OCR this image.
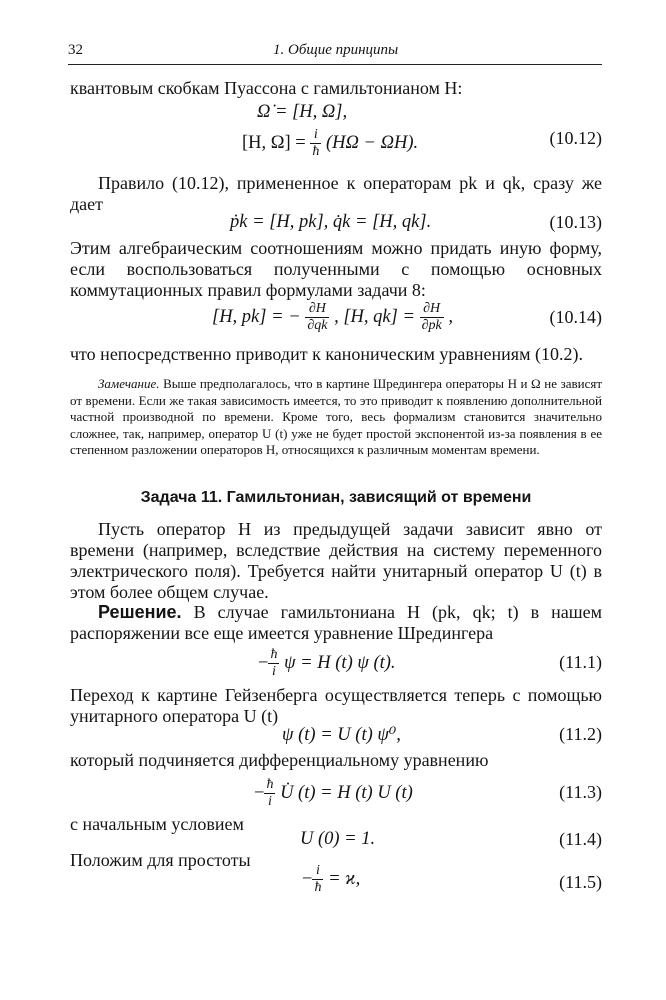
32	1. Общие принципы
квантовым скобкам Пуассона с гамильтонианом H:
Ω̇ = [H, Ω],
[H, $\Omega] = \frac{i}{ħ} (H\Omega - \Omega H)$.	(10.12)
Правило (10.12), примененное к операторам pk и qk, сразу же дает
ṗk = [H, pk], q̇k = [H, qk].	(10.13)
Этим алгебраическим соотношениям можно придать иную форму, если воспользоваться полученными с помощью основных коммутационных правил формулами задачи 8:
[H, pk] = − $\frac{\partial H}{\partial qk}$ , [H, $qk] = \frac{\partial H}{\partial pk}$ ,	(10.14)
что непосредственно приводит к каноническим уравнениям (10.2).
Замечание. Выше предполагалось, что в картине Шредингера операторы H и Ω не зависят от времени. Если же такая зависимость имеется, то это приводит к появлению дополнительной частной производной по времени. Кроме того, весь формализм становится значительно сложнее, так, например, оператор U (t) уже не будет простой экспонентой из-за появления в ее степенном разложении операторов H, относящихся к различным моментам времени.
Задача 11. Гамильтониан, зависящий от времени
Пусть оператор H из предыдущей задачи зависит явно от времени (например, вследствие действия на систему переменного электрического поля). Требуется найти унитарный оператор U (t) в этом более общем случае.
Решение. В случае гамильтониана H (pk, qk; t) в нашем распоряжении все еще имеется уравнение Шредингера
− $\frac{ħ}{i}$ ψ = H (t) ψ (t).	(11.1)
Переход к картине Гейзенберга осуществляется теперь с помощью унитарного оператора U (t)
ψ (t) = U (t) ψ⁰,	(11.2)
который подчиняется дифференциальному уравнению
− $\frac{ħ}{i}$ U̇ (t) = H (t) U (t)	(11.3)
с начальным условием
U (0) = 1.	(11.4)
Положим для простоты
− $\frac{i}{ħ} = ϰ$,	(11.5)
